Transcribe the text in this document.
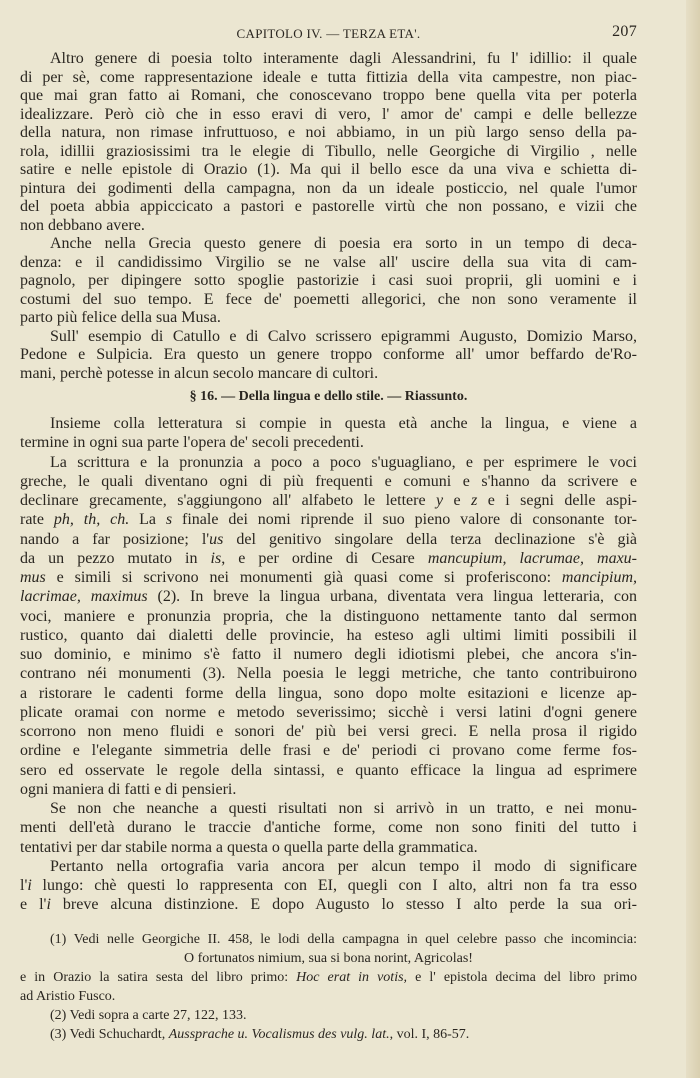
CAPITOLO IV. — TERZA ETA'.	207
Altro genere di poesia tolto interamente dagli Alessandrini, fu l' idillio: il quale
di per sè, come rappresentazione ideale e tutta fittizia della vita campestre, non piac-
que mai gran fatto ai Romani, che conoscevano troppo bene quella vita per poterla
idealizzare. Però ciò che in esso eravi di vero, l' amor de' campi e delle bellezze
della natura, non rimase infruttuoso, e noi abbiamo, in un più largo senso della pa-
rola, idillii graziosissimi tra le elegie di Tibullo, nelle Georgiche di Virgilio , nelle
satire e nelle epistole di Orazio (1). Ma qui il bello esce da una viva e schietta di-
pintura dei godimenti della campagna, non da un ideale posticcio, nel quale l'umor
del poeta abbia appiccicato a pastori e pastorelle virtù che non possano, e vizii che
non debbano avere.
Anche nella Grecia questo genere di poesia era sorto in un tempo di deca-
denza: e il candidissimo Virgilio se ne valse all' uscire della sua vita di cam-
pagnolo, per dipingere sotto spoglie pastorizie i casi suoi proprii, gli uomini e i
costumi del suo tempo. E fece de' poemetti allegorici, che non sono veramente il
parto più felice della sua Musa.
Sull' esempio di Catullo e di Calvo scrissero epigrammi Augusto, Domizio Marso,
Pedone e Sulpicia. Era questo un genere troppo conforme all' umor beffardo de'Ro-
mani, perchè potesse in alcun secolo mancare di cultori.
§ 16. — Della lingua e dello stile. — Riassunto.
Insieme colla letteratura si compie in questa età anche la lingua, e viene a
termine in ogni sua parte l'opera de' secoli precedenti.
La scrittura e la pronunzia a poco a poco s'uguagliano, e per esprimere le voci
greche, le quali diventano ogni di più frequenti e comuni e s'hanno da scrivere e
declinare grecamente, s'aggiungono all' alfabeto le lettere y e z e i segni delle aspi-
rate ph, th, ch. La s finale dei nomi riprende il suo pieno valore di consonante tor-
nando a far posizione; l'us del genitivo singolare della terza declinazione s'è già
da un pezzo mutato in is, e per ordine di Cesare mancupium, lacrumae, maxu-
mus e simili si scrivono nei monumenti già quasi come si proferiscono: mancipium,
lacrimae, maximus (2). In breve la lingua urbana, diventata vera lingua letteraria, con
voci, maniere e pronunzia propria, che la distinguono nettamente tanto dal sermon
rustico, quanto dai dialetti delle provincie, ha esteso agli ultimi limiti possibili il
suo dominio, e minimo s'è fatto il numero degli idiotismi plebei, che ancora s'in-
contrano néi monumenti (3). Nella poesia le leggi metriche, che tanto contribuirono
a ristorare le cadenti forme della lingua, sono dopo molte esitazioni e licenze ap-
plicate oramai con norme e metodo severissimo; sicchè i versi latini d'ogni genere
scorrono non meno fluidi e sonori de' più bei versi greci. E nella prosa il rigido
ordine e l'elegante simmetria delle frasi e de' periodi ci provano come ferme fos-
sero ed osservate le regole della sintassi, e quanto efficace la lingua ad esprimere
ogni maniera di fatti e di pensieri.
Se non che neanche a questi risultati non si arrivò in un tratto, e nei monu-
menti dell'età durano le traccie d'antiche forme, come non sono finiti del tutto i
tentativi per dar stabile norma a questa o quella parte della grammatica.
Pertanto nella ortografia varia ancora per alcun tempo il modo di significare
l'i lungo: chè questi lo rappresenta con EI, quegli con I alto, altri non fa tra esso
e l'i breve alcuna distinzione. E dopo Augusto lo stesso I alto perde la sua ori-
(1) Vedi nelle Georgiche II. 458, le lodi della campagna in quel celebre passo che incomincia:
O fortunatos nimium, sua si bona norint, Agricolas!
e in Orazio la satira sesta del libro primo: Hoc erat in votis, e l' epistola decima del libro primo
ad Aristio Fusco.
(2) Vedi sopra a carte 27, 122, 133.
(3) Vedi Schuchardt, Aussprache u. Vocalismus des vulg. lat., vol. I, 86-57.
